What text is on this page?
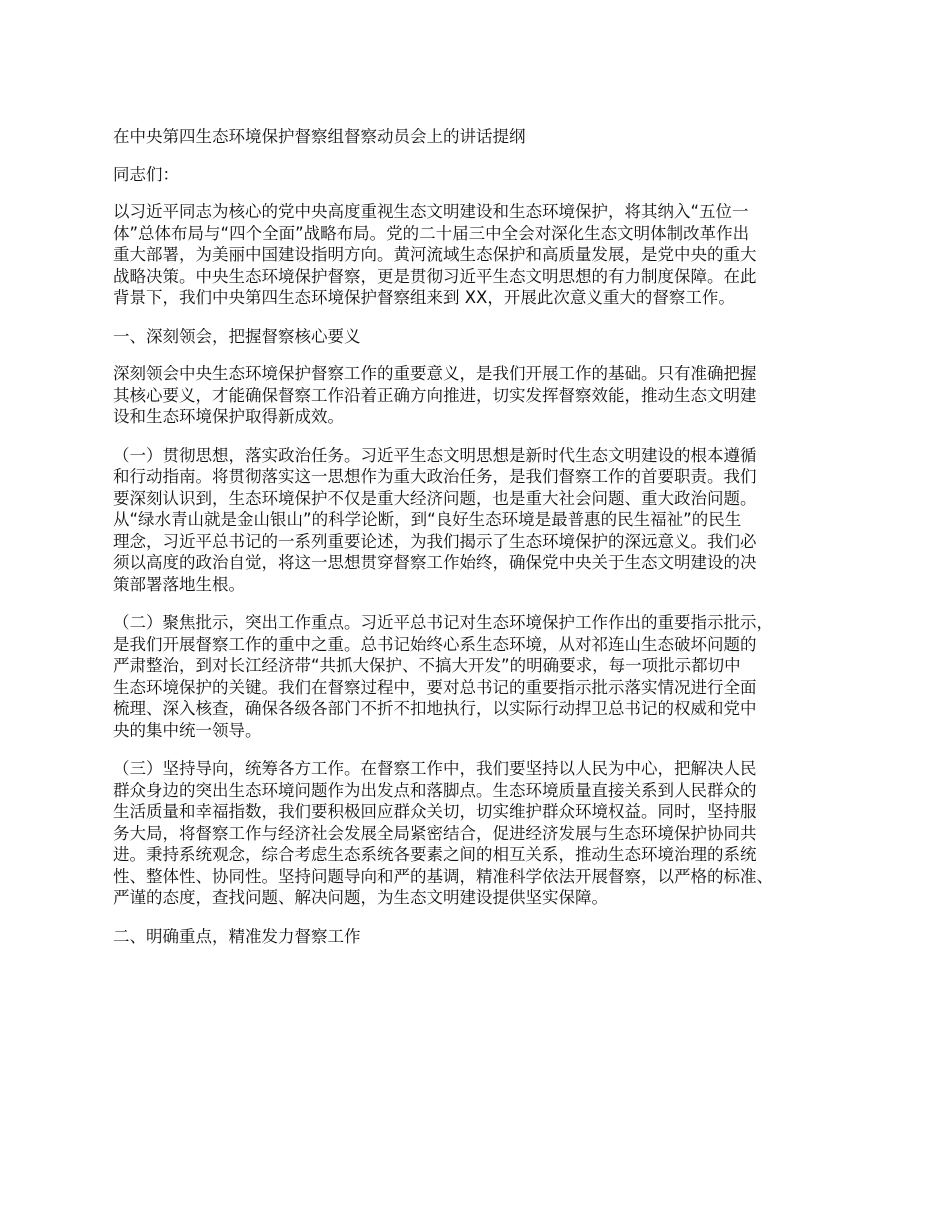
在中央第四生态环境保护督察组督察动员会上的讲话提纲

同志们：

以习近平同志为核心的党中央高度重视生态文明建设和生态环境保护，将其纳入“五位一
体”总体布局与“四个全面”战略布局。党的二十届三中全会对深化生态文明体制改革作出
重大部署，为美丽中国建设指明方向。黄河流域生态保护和高质量发展，是党中央的重大
战略决策。中央生态环境保护督察，更是贯彻习近平生态文明思想的有力制度保障。在此
背景下，我们中央第四生态环境保护督察组来到 XX，开展此次意义重大的督察工作。

一、深刻领会，把握督察核心要义

深刻领会中央生态环境保护督察工作的重要意义，是我们开展工作的基础。只有准确把握
其核心要义，才能确保督察工作沿着正确方向推进，切实发挥督察效能，推动生态文明建
设和生态环境保护取得新成效。

（一）贯彻思想，落实政治任务。习近平生态文明思想是新时代生态文明建设的根本遵循
和行动指南。将贯彻落实这一思想作为重大政治任务，是我们督察工作的首要职责。我们
要深刻认识到，生态环境保护不仅是重大经济问题，也是重大社会问题、重大政治问题。
从“绿水青山就是金山银山”的科学论断，到“良好生态环境是最普惠的民生福祉”的民生
理念，习近平总书记的一系列重要论述，为我们揭示了生态环境保护的深远意义。我们必
须以高度的政治自觉，将这一思想贯穿督察工作始终，确保党中央关于生态文明建设的决
策部署落地生根。

（二）聚焦批示，突出工作重点。习近平总书记对生态环境保护工作作出的重要指示批示，
是我们开展督察工作的重中之重。总书记始终心系生态环境，从对祁连山生态破坏问题的
严肃整治，到对长江经济带“共抓大保护、不搞大开发”的明确要求，每一项批示都切中
生态环境保护的关键。我们在督察过程中，要对总书记的重要指示批示落实情况进行全面
梳理、深入核查，确保各级各部门不折不扣地执行，以实际行动捍卫总书记的权威和党中
央的集中统一领导。

（三）坚持导向，统筹各方工作。在督察工作中，我们要坚持以人民为中心，把解决人民
群众身边的突出生态环境问题作为出发点和落脚点。生态环境质量直接关系到人民群众的
生活质量和幸福指数，我们要积极回应群众关切，切实维护群众环境权益。同时，坚持服
务大局，将督察工作与经济社会发展全局紧密结合，促进经济发展与生态环境保护协同共
进。秉持系统观念，综合考虑生态系统各要素之间的相互关系，推动生态环境治理的系统
性、整体性、协同性。坚持问题导向和严的基调，精准科学依法开展督察，以严格的标准、
严谨的态度，查找问题、解决问题，为生态文明建设提供坚实保障。

二、明确重点，精准发力督察工作
